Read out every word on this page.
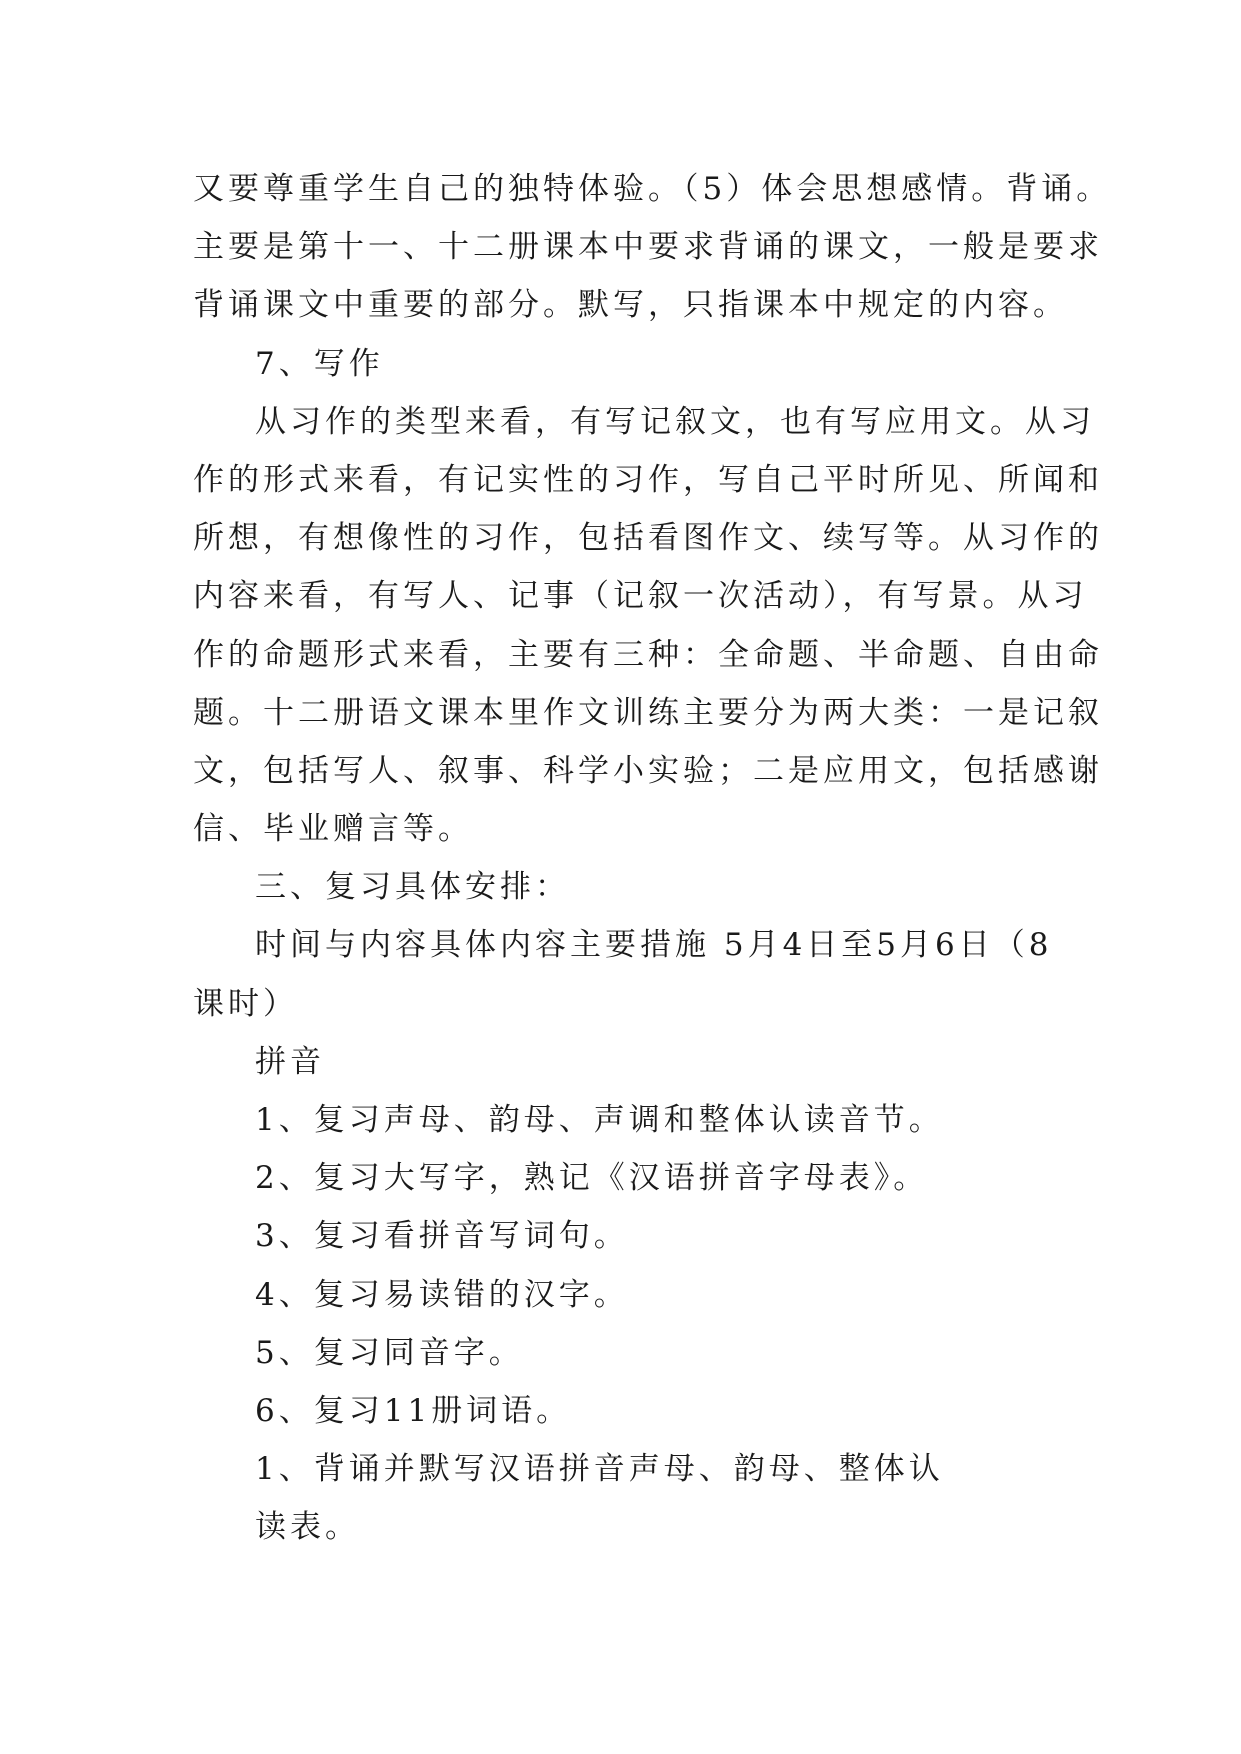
又要尊重学生自己的独特体验。（5）体会思想感情。背诵。
主要是第十一、十二册课本中要求背诵的课文，一般是要求
背诵课文中重要的部分。默写，只指课本中规定的内容。
7、写作
从习作的类型来看，有写记叙文，也有写应用文。从习
作的形式来看，有记实性的习作，写自己平时所见、所闻和
所想，有想像性的习作，包括看图作文、续写等。从习作的
内容来看，有写人、记事（记叙一次活动），有写景。从习
作的命题形式来看，主要有三种：全命题、半命题、自由命
题。十二册语文课本里作文训练主要分为两大类：一是记叙
文，包括写人、叙事、科学小实验；二是应用文，包括感谢
信、毕业赠言等。
三、复习具体安排：
时间与内容具体内容主要措施 5月4日至5月6日（8
课时）
拼音
1、复习声母、韵母、声调和整体认读音节。
2、复习大写字，熟记《汉语拼音字母表》。
3、复习看拼音写词句。
4、复习易读错的汉字。
5、复习同音字。
6、复习11册词语。
1、背诵并默写汉语拼音声母、韵母、整体认
读表。
